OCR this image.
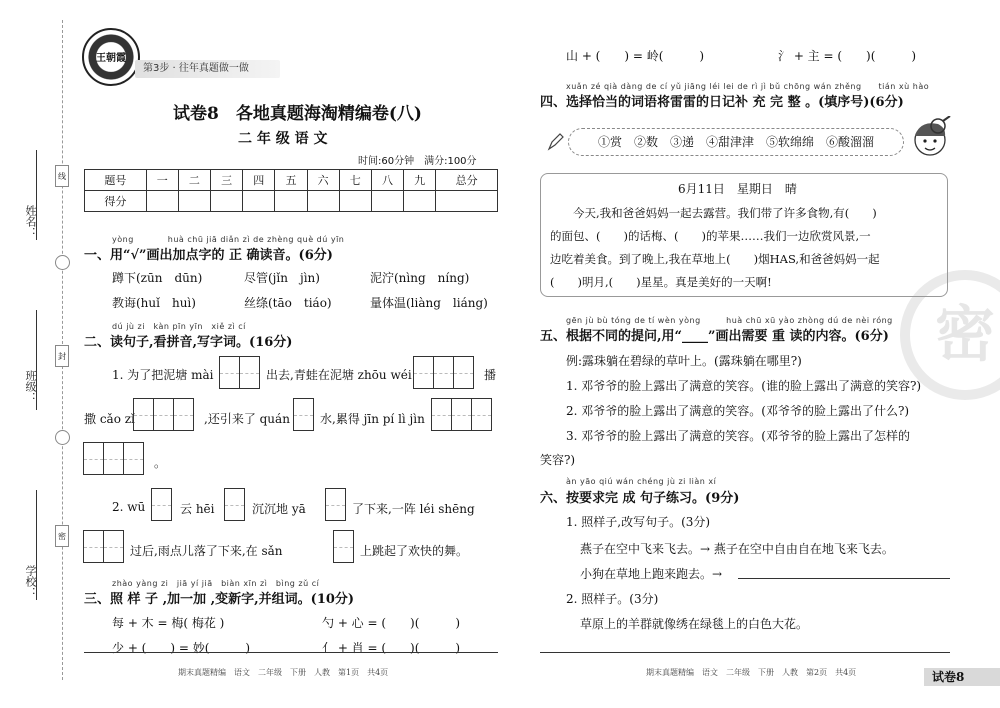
姓名：
班级：
学校：
线
封
密
王朝霞
第3步 · 往年真题做一做
试卷8　各地真题海淘精编卷(八)
二 年 级 语 文
时间:60分钟　满分:100分
题号	一	二	三	四	五	六	七	八	九	总分
得分										
yòng　　　　huà chū jiā diǎn zì de zhèng què dú yīn
一、用“√”画出加点字的 正 确读音。(6分)
蹲下(zūn　dūn)	尽管(jǐn　jìn)	泥泞(nìng　níng)
教诲(huǐ　huì)	丝绦(tāo　tiáo)	量体温(liàng　liáng)
dú jù zi　kàn pīn yīn　xiě zì cí
二、读句子,看拼音,写字词。(16分)
1. 为了把泥塘 mài	出去,青蛙在泥塘 zhōu wéi	播
撒 cǎo zǐ	,还引来了 quán	水,累得 jīn pí lì jìn
。
2. wū	云 hēi	沉沉地 yā	了下来,一阵 léi shēng
过后,雨点儿落了下来,在 sǎn	上跳起了欢快的舞。
zhào yàng zi　jiā yí jiā　biàn xīn zì　bìng zǔ cí
三、照 样 子 ,加一加 ,变新字,并组词。(10分)
每 + 木 = 梅( 梅花 )	勺 + 心 = (　　)(　　　)
少 + (　　) = 妙(　　　)	亻 + 肖 = (　　)(　　　)
期末真题精编　语文　二年级　下册　人教　第1页　共4页
密
山 + (　　) = 岭(　　　)	氵 + 主 = (　　)(　　　)
xuǎn zé qià dàng de cí yǔ jiāng léi lei de rì jì bǔ chōng wán zhěng　　tián xù hào
四、选择恰当的词语将雷雷的日记补 充 完 整 。(填序号)(6分)
①赏　②数　③递　④甜津津　⑤软绵绵　⑥酸溜溜
6月11日　星期日　晴
　　今天,我和爸爸妈妈一起去露营。我们带了许多食物,有(　　)
的面包、(　　)的话梅、(　　)的苹果……我们一边欣赏风景,一
边吃着美食。到了晚上,我在草地上(　　)烟HAS,和爸爸妈妈一起
(　　)明月,(　　)星星。真是美好的一天啊!
gēn jù bù tóng de tí wèn yòng　　　huà chū xū yào zhòng dú de nèi róng
五、根据不同的提问,用“____”画出需要 重 读的内容。(6分)
例:露珠躺在碧绿的草叶上。(露珠躺在哪里?)
1. 邓爷爷的脸上露出了满意的笑容。(谁的脸上露出了满意的笑容?)
2. 邓爷爷的脸上露出了满意的笑容。(邓爷爷的脸上露出了什么?)
3. 邓爷爷的脸上露出了满意的笑容。(邓爷爷的脸上露出了怎样的
笑容?)
àn yāo qiú wán chéng jù zi liàn xí
六、按要求完 成 句子练习。(9分)
1. 照样子,改写句子。(3分)
燕子在空中飞来飞去。→ 燕子在空中自由自在地飞来飞去。
小狗在草地上跑来跑去。→
2. 照样子。(3分)
草原上的羊群就像绣在绿毯上的白色大花。
期末真题精编　语文　二年级　下册　人教　第2页　共4页	试卷8
